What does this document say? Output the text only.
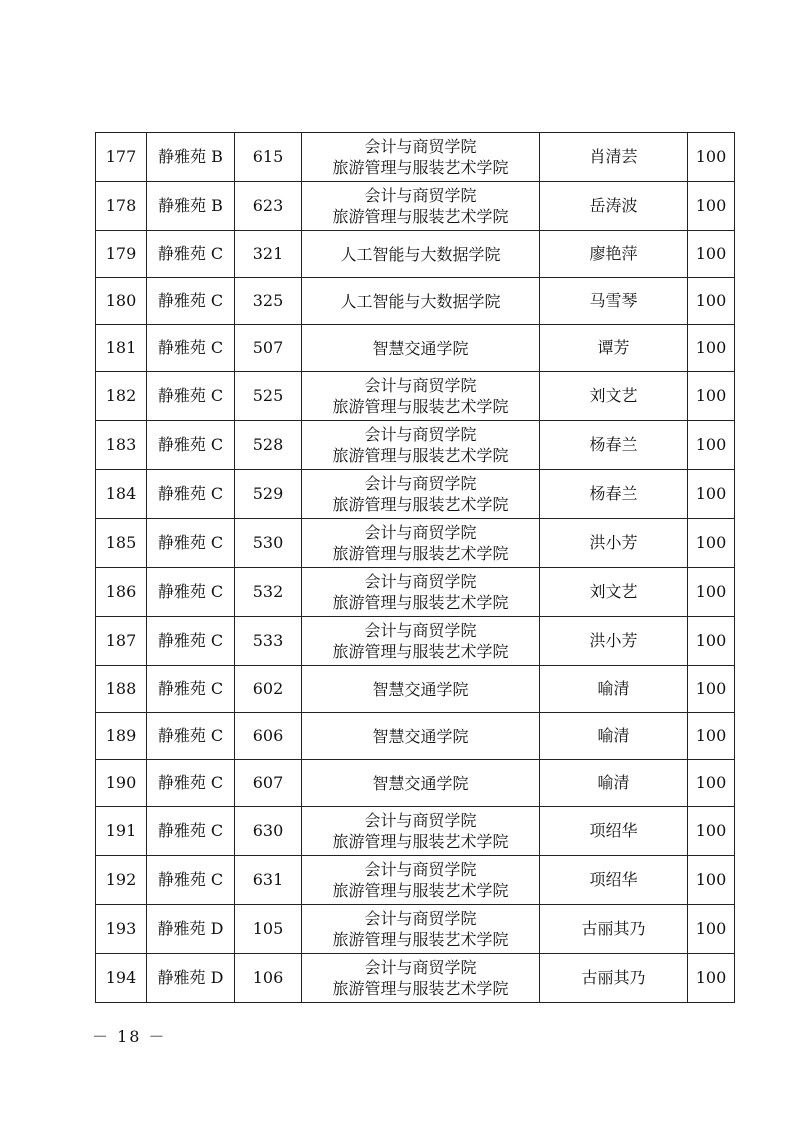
177	静雅苑 B	615	会计与商贸学院
旅游管理与服装艺术学院	肖清芸	100
178	静雅苑 B	623	会计与商贸学院
旅游管理与服装艺术学院	岳涛波	100
179	静雅苑 C	321	人工智能与大数据学院	廖艳萍	100
180	静雅苑 C	325	人工智能与大数据学院	马雪琴	100
181	静雅苑 C	507	智慧交通学院	谭芳	100
182	静雅苑 C	525	会计与商贸学院
旅游管理与服装艺术学院	刘文艺	100
183	静雅苑 C	528	会计与商贸学院
旅游管理与服装艺术学院	杨春兰	100
184	静雅苑 C	529	会计与商贸学院
旅游管理与服装艺术学院	杨春兰	100
185	静雅苑 C	530	会计与商贸学院
旅游管理与服装艺术学院	洪小芳	100
186	静雅苑 C	532	会计与商贸学院
旅游管理与服装艺术学院	刘文艺	100
187	静雅苑 C	533	会计与商贸学院
旅游管理与服装艺术学院	洪小芳	100
188	静雅苑 C	602	智慧交通学院	喻清	100
189	静雅苑 C	606	智慧交通学院	喻清	100
190	静雅苑 C	607	智慧交通学院	喻清	100
191	静雅苑 C	630	会计与商贸学院
旅游管理与服装艺术学院	项绍华	100
192	静雅苑 C	631	会计与商贸学院
旅游管理与服装艺术学院	项绍华	100
193	静雅苑 D	105	会计与商贸学院
旅游管理与服装艺术学院	古丽其乃	100
194	静雅苑 D	106	会计与商贸学院
旅游管理与服装艺术学院	古丽其乃	100
－ 18 －
